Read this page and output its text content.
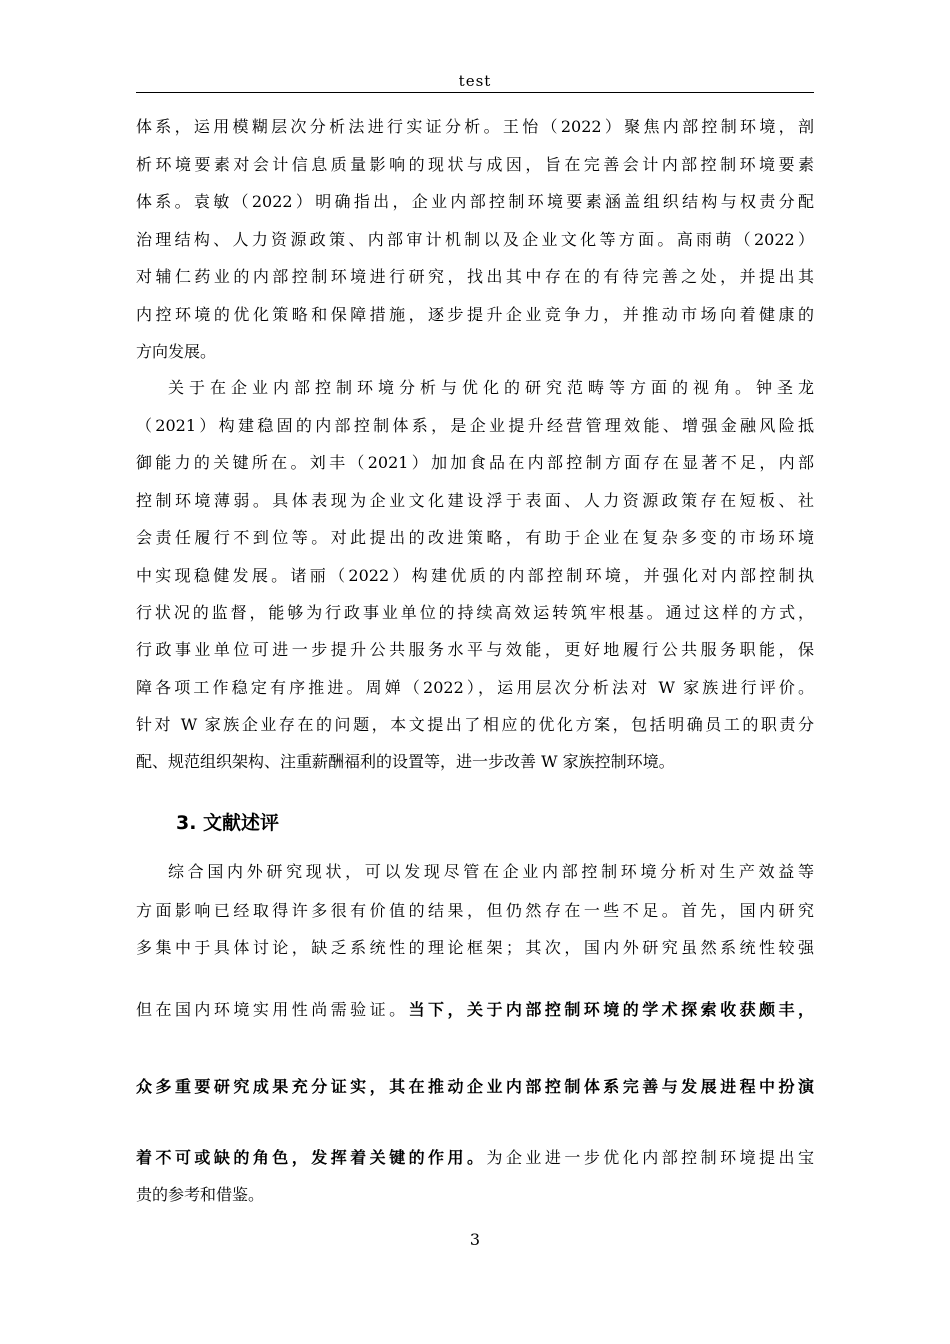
test

体系，运用模糊层次分析法进行实证分析。王怡（2022）聚焦内部控制环境，剖

析环境要素对会计信息质量影响的现状与成因，旨在完善会计内部控制环境要素

体系。袁敏（2022）明确指出，企业内部控制环境要素涵盖组织结构与权责分配

治理结构、人力资源政策、内部审计机制以及企业文化等方面。高雨萌（2022）

对辅仁药业的内部控制环境进行研究，找出其中存在的有待完善之处，并提出其

内控环境的优化策略和保障措施，逐步提升企业竞争力，并推动市场向着健康的

方向发展。

关于在企业内部控制环境分析与优化的研究范畴等方面的视角。钟圣龙

（2021）构建稳固的内部控制体系，是企业提升经营管理效能、增强金融风险抵

御能力的关键所在。刘丰（2021）加加食品在内部控制方面存在显著不足，内部

控制环境薄弱。具体表现为企业文化建设浮于表面、人力资源政策存在短板、社

会责任履行不到位等。对此提出的改进策略，有助于企业在复杂多变的市场环境

中实现稳健发展。诸丽（2022）构建优质的内部控制环境，并强化对内部控制执

行状况的监督，能够为行政事业单位的持续高效运转筑牢根基。通过这样的方式，

行政事业单位可进一步提升公共服务水平与效能，更好地履行公共服务职能，保

障各项工作稳定有序推进。周婵（2022），运用层次分析法对 W 家族进行评价。

针对 W 家族企业存在的问题，本文提出了相应的优化方案，包括明确员工的职责分

配、规范组织架构、注重薪酬福利的设置等，进一步改善 W 家族控制环境。

3. 文献述评

综合国内外研究现状，可以发现尽管在企业内部控制环境分析对生产效益等

方面影响已经取得许多很有价值的结果，但仍然存在一些不足。首先，国内研究

多集中于具体讨论，缺乏系统性的理论框架；其次，国内外研究虽然系统性较强

但在国内环境实用性尚需验证。当下，关于内部控制环境的学术探索收获颇丰，

众多重要研究成果充分证实，其在推动企业内部控制体系完善与发展进程中扮演

着不可或缺的角色，发挥着关键的作用。为企业进一步优化内部控制环境提出宝

贵的参考和借鉴。

3
